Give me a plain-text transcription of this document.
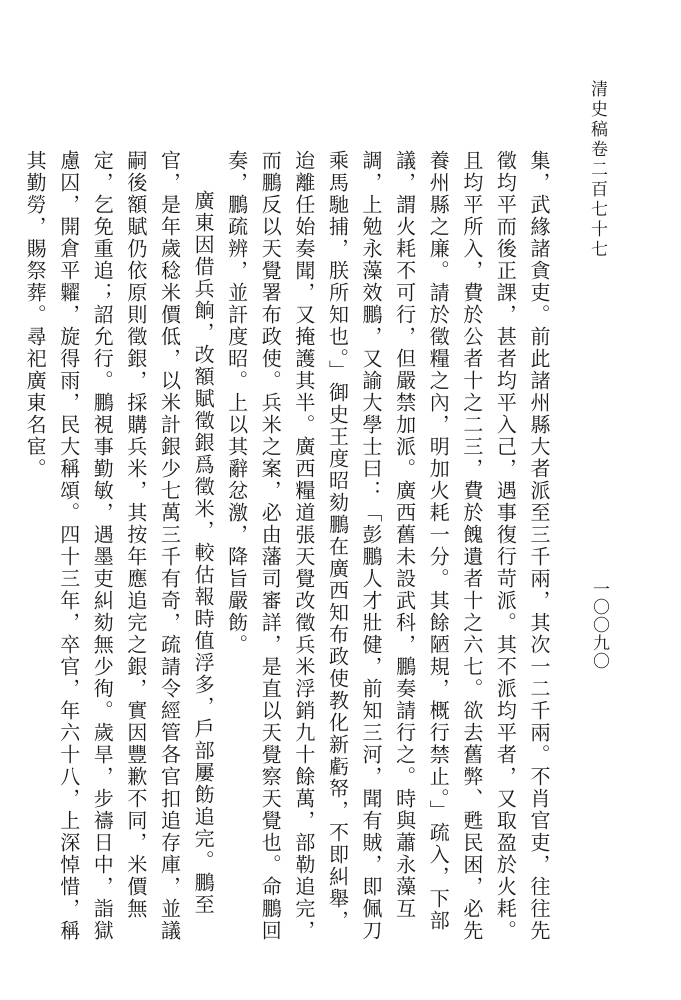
清史稿卷二百七十七
一〇〇九〇

集，武緣諸貪吏。前此諸州縣大者派至三千兩，其次一二千兩。不肖官吏，往往先徵均平而後正課，甚者均平入己，遇事復行苛派。其不派均平者，又取盈於火耗。且均平所入，費於公者十之二三，費於餽遺者十之六七。欲去舊弊、甦民困，必先養州縣之廉。請於徵糧之內，明加火耗一分。其餘陋規，概行禁止。」疏入，下部議，謂火耗不可行，但嚴禁加派。廣西舊未設武科，鵬奏請行之。時與蕭永藻互調，上勉永藻效鵬，又諭大學士曰：「彭鵬人才壯健，前知三河，聞有賊，即佩刀乘馬馳捕，朕所知也。」御史王度昭劾鵬在廣西知布政使教化新虧帑，不即糾舉，迨離任始奏聞，又掩護其半。廣西糧道張天覺改徵兵米浮銷九十餘萬，部勒追完，而鵬反以天覺署布政使。兵米之案，必由藩司審詳，是直以天覺察天覺也。命鵬回奏，鵬疏辨，並訐度昭。上以其辭忿激，降旨嚴飭。

廣東因借兵餉，改額賦徵銀爲徵米，較估報時值浮多，戶部屢飭追完。鵬至官，是年歲稔米價低，以米計銀少七萬三千有奇，疏請令經管各官扣追存庫，並議嗣後額賦仍依原則徵銀，採購兵米，其按年應追完之銀，實因豐歉不同，米價無定，乞免重追；詔允行。鵬視事勤敏，遇墨吏糾劾無少徇。歲旱，步禱日中，詣獄慮囚，開倉平糶，旋得雨，民大稱頌。四十三年，卒官，年六十八，上深悼惜，稱其勤勞，賜祭葬。尋祀廣東名宦。
